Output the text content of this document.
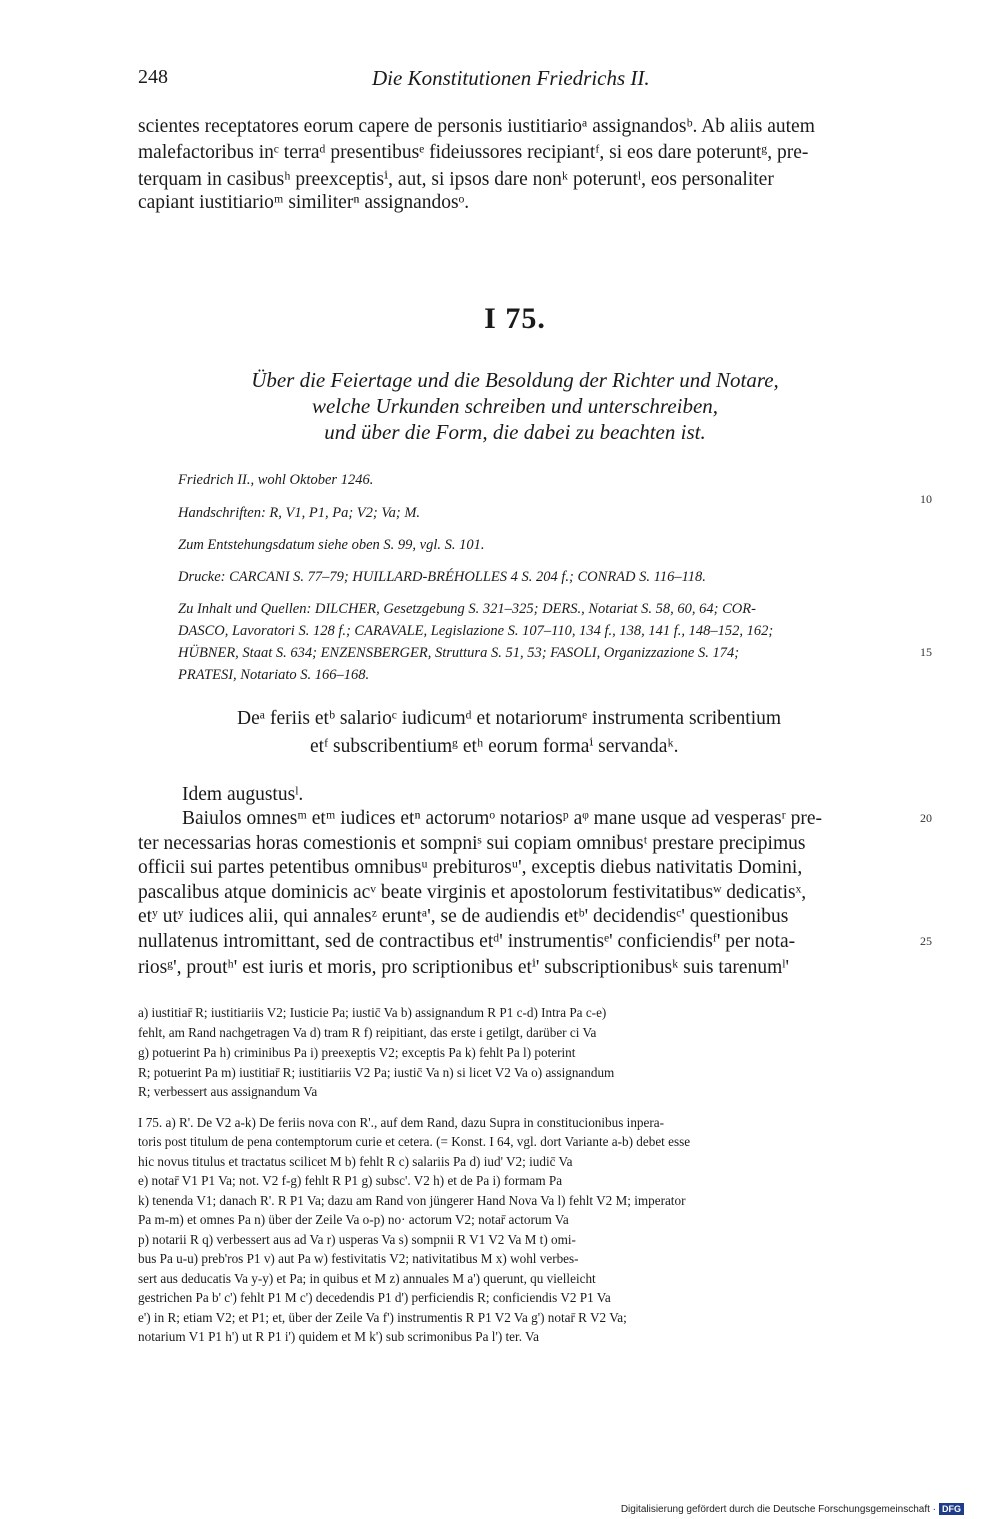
248	Die Konstitutionen Friedrichs II.
scientes receptatores eorum capere de personis iustitiarioᵃ assignandosᵇ. Ab aliis autem
malefactoribus inᶜ terraᵈ presentibusᵉ fideiussores recipiantᶠ, si eos dare poteruntᵍ, pre-
terquam in casibusʰ preexceptisⁱ, aut, si ipsos dare nonᵏ poteruntˡ, eos personaliter
capiant iustitiarioᵐ similiterⁿ assignandosᵒ.
I 75.
Über die Feiertage und die Besoldung der Richter und Notare,
welche Urkunden schreiben und unterschreiben,
und über die Form, die dabei zu beachten ist.
Friedrich II., wohl Oktober 1246.
Handschriften: R, V1, P1, Pa; V2; Va; M.
Zum Entstehungsdatum siehe oben S. 99, vgl. S. 101.
Drucke: CARCANI S. 77–79; HUILLARD-BRÉHOLLES 4 S. 204 f.; CONRAD S. 116–118.
Zu Inhalt und Quellen: DILCHER, Gesetzgebung S. 321–325; DERS., Notariat S. 58, 60, 64; COR-
DASCO, Lavoratori S. 128 f.; CARAVALE, Legislazione S. 107–110, 134 f., 138, 141 f., 148–152, 162;
HÜBNER, Staat S. 634; ENZENSBERGER, Struttura S. 51, 53; FASOLI, Organizzazione S. 174;
PRATESI, Notariato S. 166–168.
10
15
Deᵃ feriis etᵇ salarioᶜ iudicumᵈ et notariorumᵉ instrumenta scribentium
etᶠ subscribentiumᵍ etʰ eorum formaⁱ servandaᵏ.
Idem augustusˡ.
Baiulos omnesᵐ etᵐ iudices etⁿ actorumᵒ notariosᵖ aᵠ mane usque ad vesperasʳ pre-
ter necessarias horas comestionis et sompniˢ sui copiam omnibusᵗ prestare precipimus
officii sui partes petentibus omnibusᵘ prebiturosᵘ', exceptis diebus nativitatis Domini,
pascalibus atque dominicis acᵛ beate virginis et apostolorum festivitatibusʷ dedicatisˣ,
etʸ utʸ iudices alii, qui annalesᶻ eruntᵃ', se de audiendis etᵇ' decidendisᶜ' questionibus
nullatenus intromittant, sed de contractibus etᵈ' instrumentisᵉ' conficiendisᶠ' per nota-
riosᵍ', proutʰ' est iuris et moris, pro scriptionibus etⁱ' subscriptionibusᵏ suis tarenumˡ'
20
25
a) iustitiar̄ R; iustitiariis V2; Iusticie Pa; iustic̄ Va b) assignandum R P1 c-d) Intra Pa c-e)
fehlt, am Rand nachgetragen Va d) tram R f) reipitiant, das erste i getilgt, darüber ci Va
g) potuerint Pa h) criminibus Pa i) preexeptis V2; exceptis Pa k) fehlt Pa l) poterint
R; potuerint Pa m) iustitiar̄ R; iustitiariis V2 Pa; iustic̄ Va n) si licet V2 Va o) assignandum
R; verbessert aus assignandum Va
I 75. a) R'. De V2 a-k) De feriis nova con R'., auf dem Rand, dazu Supra in constitucionibus inpera-
toris post titulum de pena contemptorum curie et cetera. (= Konst. I 64, vgl. dort Variante a-b) debet esse
hic novus titulus et tractatus scilicet M b) fehlt R c) salariis Pa d) iud' V2; iudic̄ Va
e) notar̄ V1 P1 Va; not. V2 f-g) fehlt R P1 g) subsc'. V2 h) et de Pa i) formam Pa
k) tenenda V1; danach R'. R P1 Va; dazu am Rand von jüngerer Hand Nova Va l) fehlt V2 M; imperator
Pa m-m) et omnes Pa n) über der Zeile Va o-p) no· actorum V2; notar̄ actorum Va
p) notarii R q) verbessert aus ad Va r) usperas Va s) sompnii R V1 V2 Va M t) omi-
bus Pa u-u) preb'ros P1 v) aut Pa w) festivitatis V2; nativitatibus M x) wohl verbes-
sert aus deducatis Va y-y) et Pa; in quibus et M z) annuales M a') querunt, qu vielleicht
gestrichen Pa b' c') fehlt P1 M c') decedendis P1 d') perficiendis R; conficiendis V2 P1 Va
e') in R; etiam V2; et P1; et, über der Zeile Va f') instrumentis R P1 V2 Va g') notar̄ R V2 Va;
notarium V1 P1 h') ut R P1 i') quidem et M k') sub scrimonibus Pa l') ter. Va
Digitalisierung gefördert durch die Deutsche Forschungsgemeinschaft · DFG
